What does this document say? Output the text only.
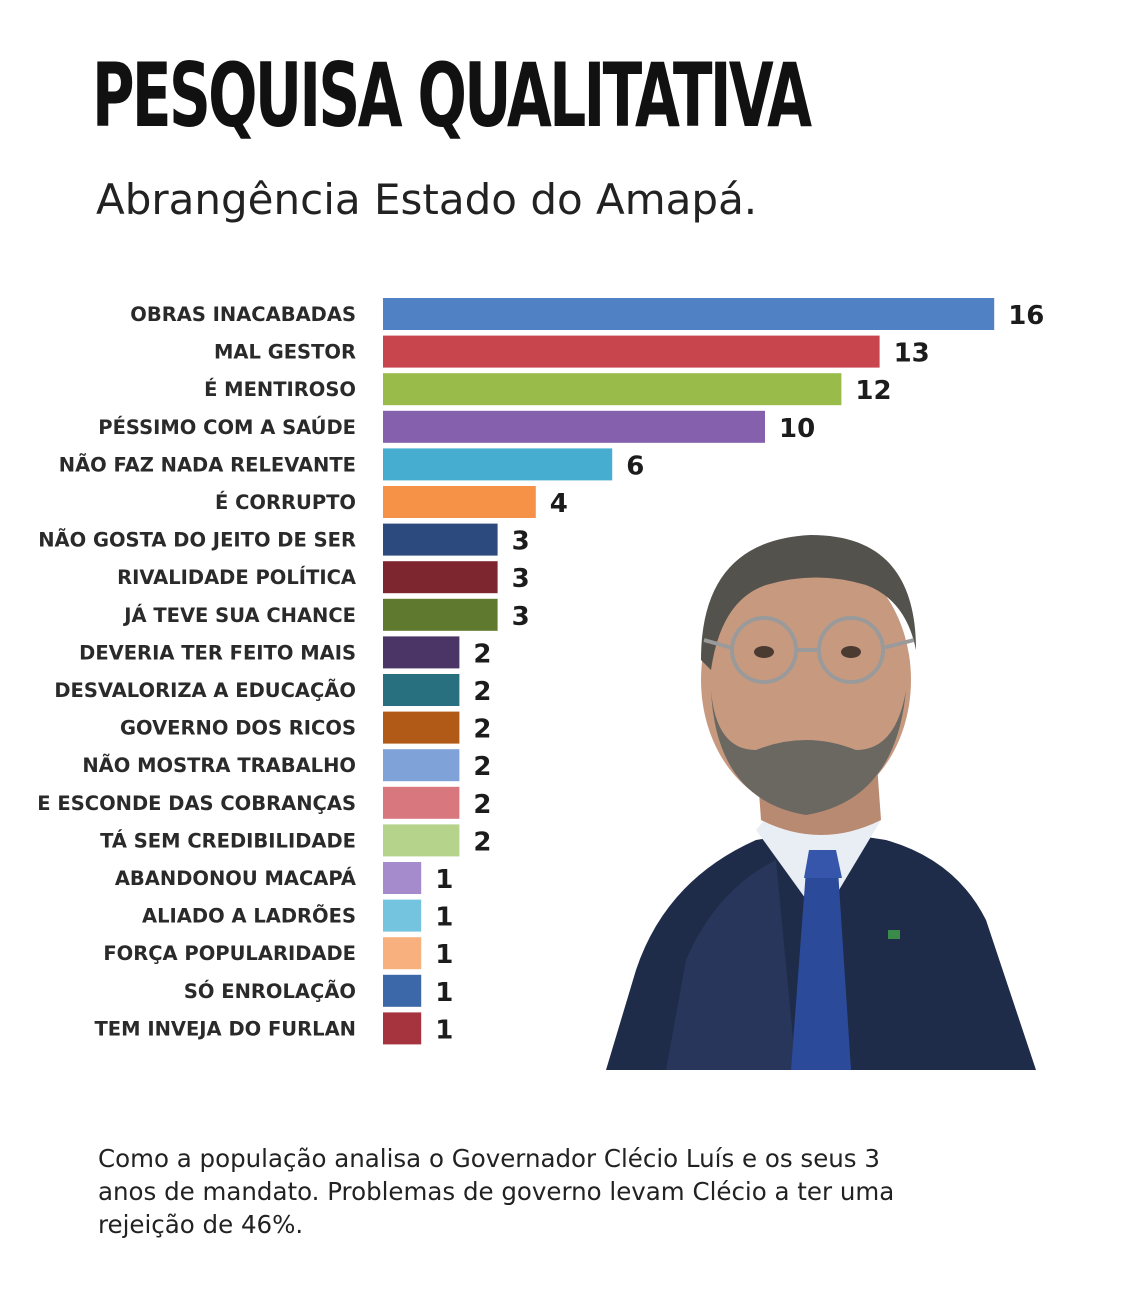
PESQUISA QUALITATIVA
Abrangência Estado do Amapá.
OBRAS INACABADAS	16
MAL GESTOR	13
É MENTIROSO	12
PÉSSIMO COM A SAÚDE	10
NÃO FAZ NADA RELEVANTE	6
É CORRUPTO	4
NÃO GOSTA DO JEITO DE SER	3
RIVALIDADE POLÍTICA	3
JÁ TEVE SUA CHANCE	3
DEVERIA TER FEITO MAIS	2
DESVALORIZA A EDUCAÇÃO	2
GOVERNO DOS RICOS	2
NÃO MOSTRA TRABALHO	2
E ESCONDE DAS COBRANÇAS	2
TÁ SEM CREDIBILIDADE	2
ABANDONOU MACAPÁ	1
ALIADO A LADRÕES	1
FORÇA POPULARIDADE	1
SÓ ENROLAÇÃO	1
TEM INVEJA DO FURLAN	1
Como a população analisa o Governador Clécio Luís e os seus 3 anos de mandato. Problemas de governo levam Clécio a ter uma rejeição de 46%.
